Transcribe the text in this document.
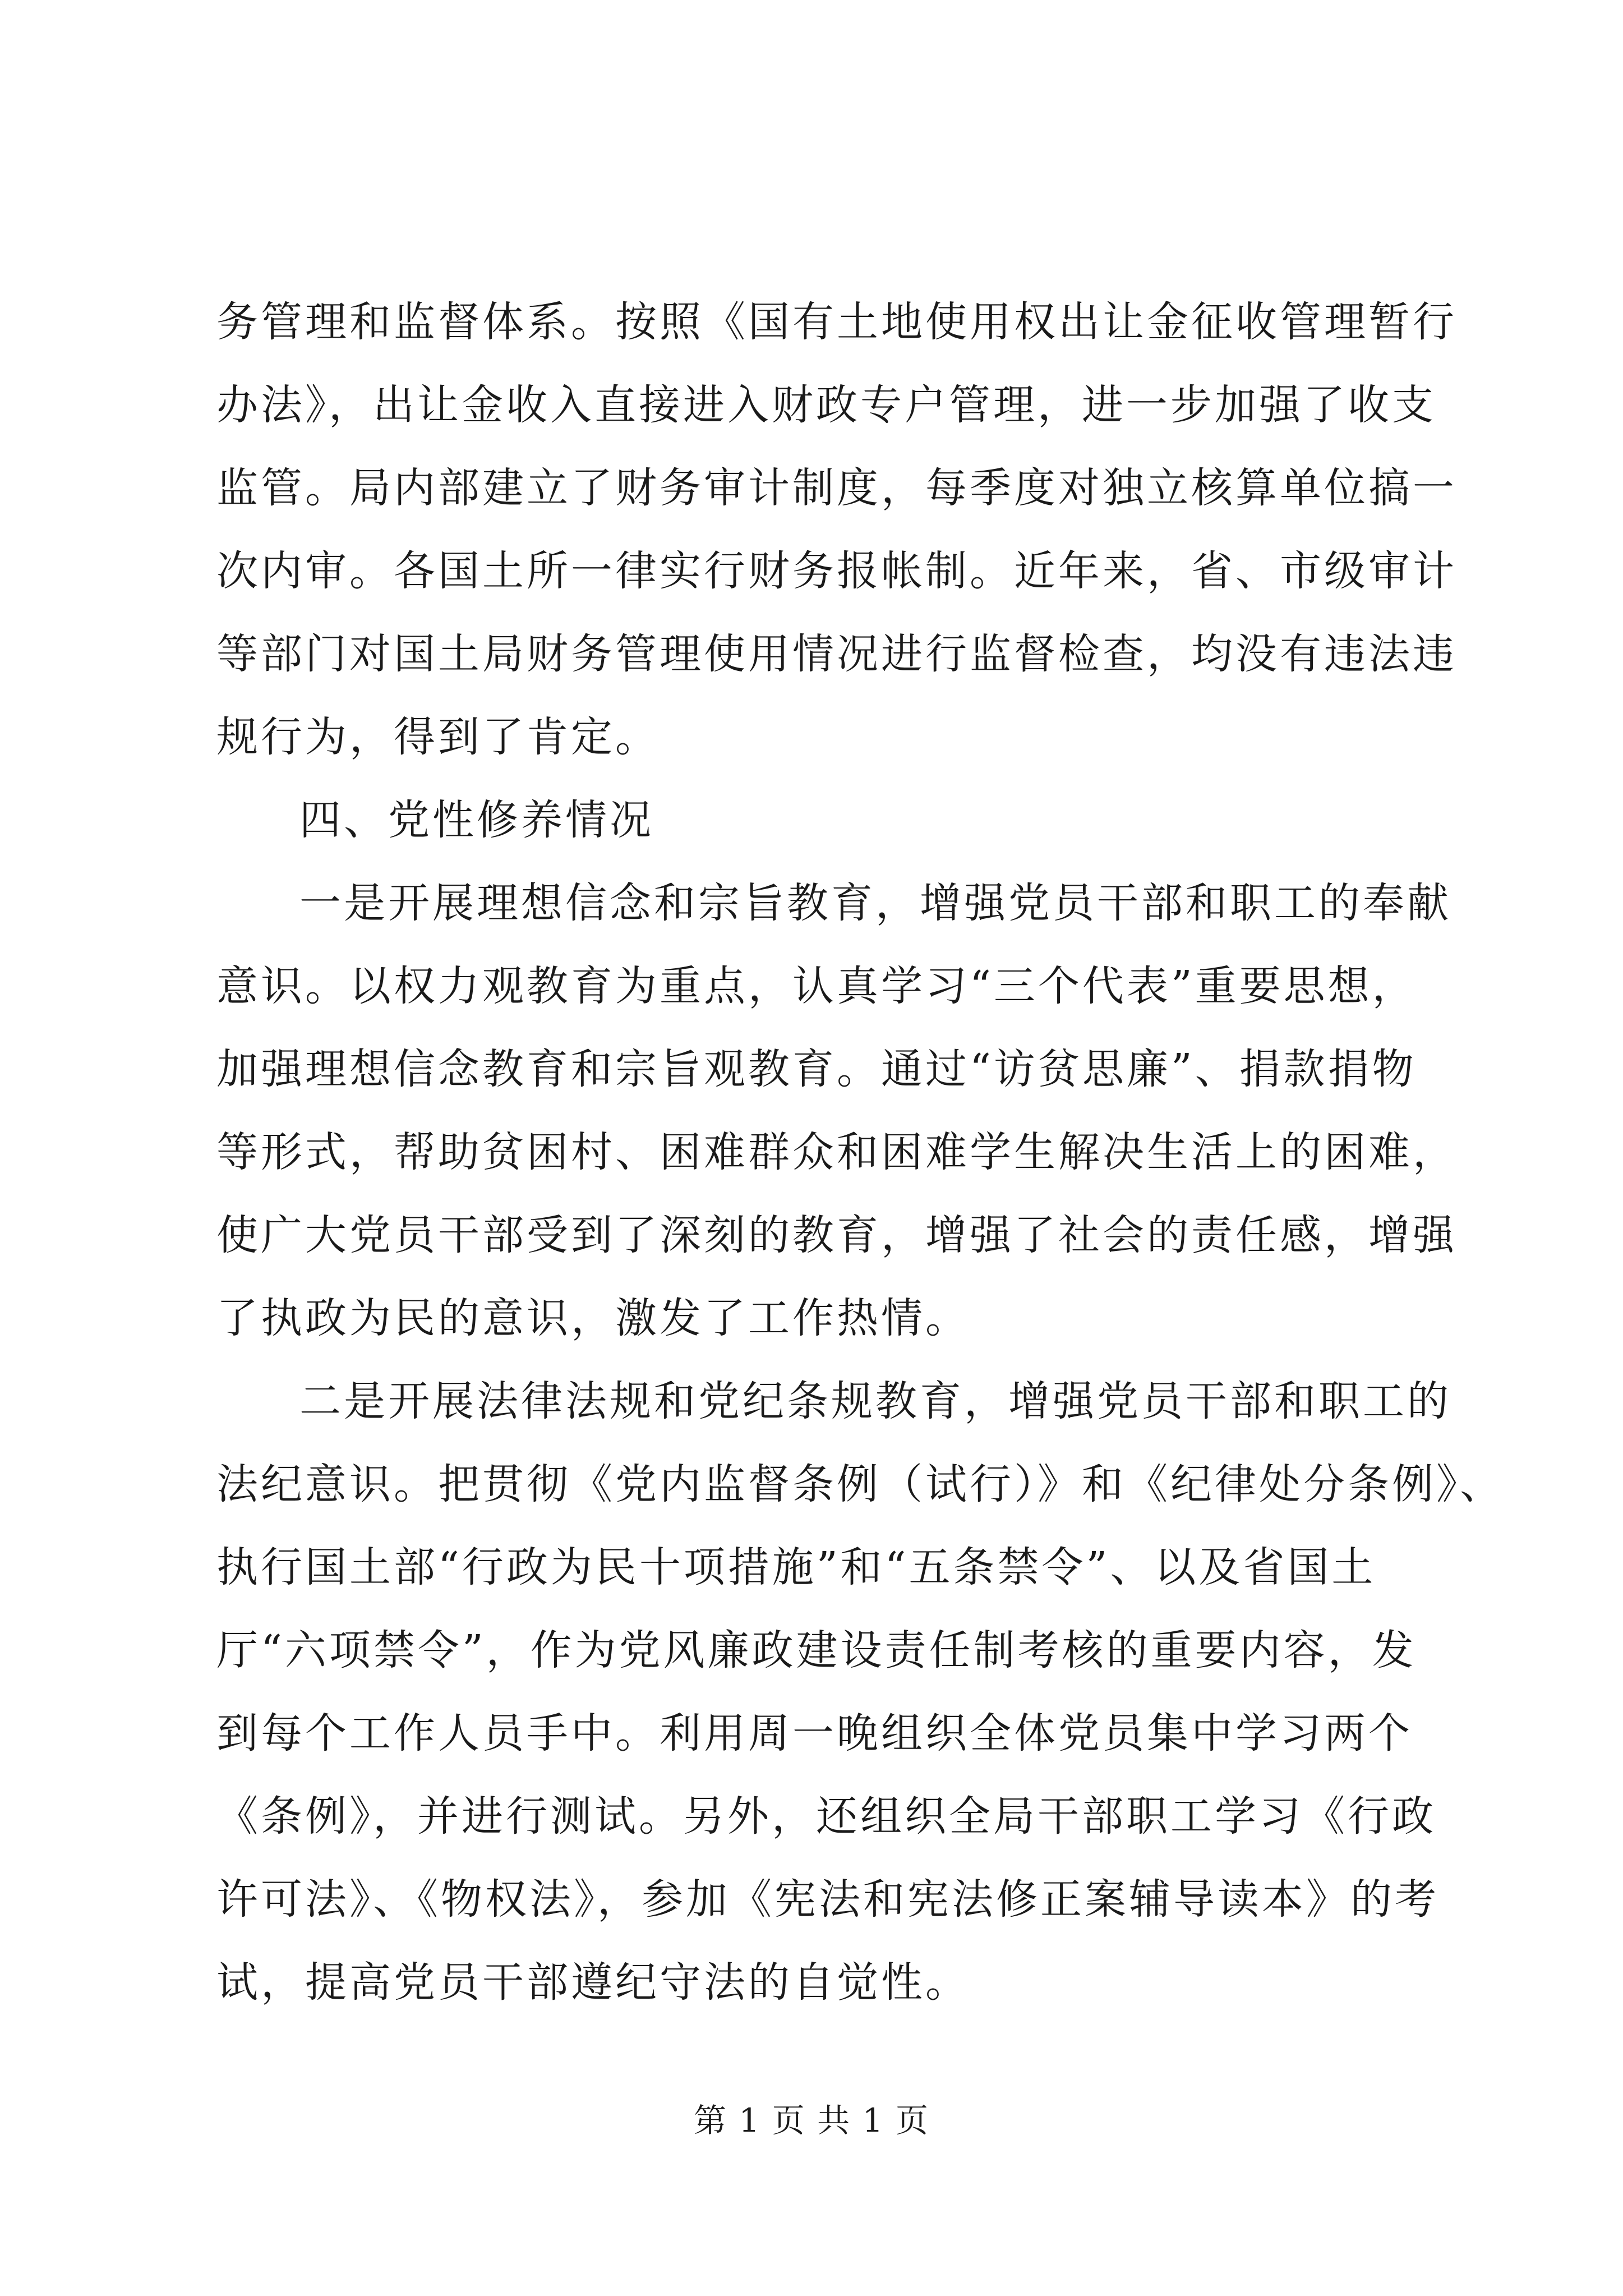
务管理和监督体系。按照《国有土地使用权出让金征收管理暂行
办法》，出让金收入直接进入财政专户管理，进一步加强了收支
监管。局内部建立了财务审计制度，每季度对独立核算单位搞一
次内审。各国土所一律实行财务报帐制。近年来，省、市级审计
等部门对国土局财务管理使用情况进行监督检查，均没有违法违
规行为，得到了肯定。
四、党性修养情况
一是开展理想信念和宗旨教育，增强党员干部和职工的奉献
意识。以权力观教育为重点，认真学习“三个代表”重要思想，
加强理想信念教育和宗旨观教育。通过“访贫思廉”、捐款捐物
等形式，帮助贫困村、困难群众和困难学生解决生活上的困难，
使广大党员干部受到了深刻的教育，增强了社会的责任感，增强
了执政为民的意识，激发了工作热情。
二是开展法律法规和党纪条规教育，增强党员干部和职工的
法纪意识。把贯彻《党内监督条例（试行）》和《纪律处分条例》、
执行国土部“行政为民十项措施”和“五条禁令”、以及省国土
厅“六项禁令”，作为党风廉政建设责任制考核的重要内容，发
到每个工作人员手中。利用周一晚组织全体党员集中学习两个
《条例》，并进行测试。另外，还组织全局干部职工学习《行政
许可法》、《物权法》，参加《宪法和宪法修正案辅导读本》的考
试，提高党员干部遵纪守法的自觉性。
第 1 页 共 1 页
